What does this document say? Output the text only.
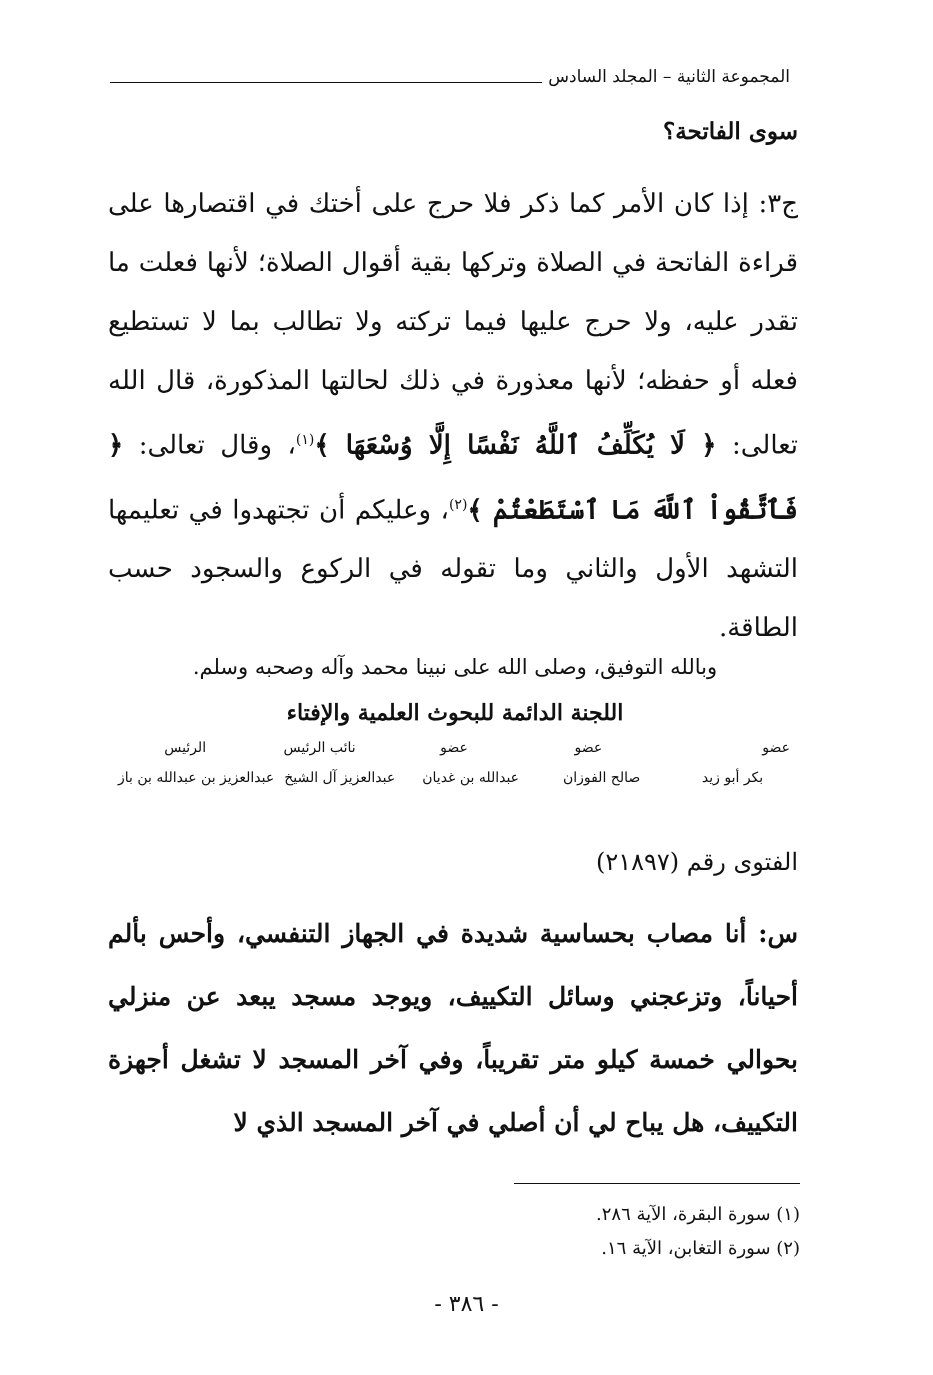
المجموعة الثانية – المجلد السادس
سوى الفاتحة؟
ج٣: إذا كان الأمر كما ذكر فلا حرج على أختك في اقتصارها على قراءة الفاتحة في الصلاة وتركها بقية أقوال الصلاة؛ لأنها فعلت ما تقدر عليه، ولا حرج عليها فيما تركته ولا تطالب بما لا تستطيع فعله أو حفظه؛ لأنها معذورة في ذلك لحالتها المذكورة، قال الله تعالى: ﴿ لَا يُكَلِّفُ ٱللَّهُ نَفْسًا إِلَّا وُسْعَهَا ﴾$^{(١)}$، وقال تعالى: ﴿ فَٱتَّقُواْ ٱللَّهَ مَا ٱسْتَطَعْتُمْ ﴾$^{(٢)}$، وعليكم أن تجتهدوا في تعليمها التشهد الأول والثاني وما تقوله في الركوع والسجود حسب الطاقة.
وبالله التوفيق، وصلى الله على نبينا محمد وآله وصحبه وسلم.
اللجنة الدائمة للبحوث العلمية والإفتاء
عضو
عضو
عضو
نائب الرئيس
الرئيس
بكر أبو زيد
صالح الفوزان
عبدالله بن غديان
عبدالعزيز آل الشيخ
عبدالعزيز بن عبدالله بن باز
الفتوى رقم (٢١٨٩٧)
س: أنا مصاب بحساسية شديدة في الجهاز التنفسي، وأحس بألم أحياناً، وتزعجني وسائل التكييف، ويوجد مسجد يبعد عن منزلي بحوالي خمسة كيلو متر تقريباً، وفي آخر المسجد لا تشغل أجهزة التكييف، هل يباح لي أن أصلي في آخر المسجد الذي لا
(١) سورة البقرة، الآية ٢٨٦.
(٢) سورة التغابن، الآية ١٦.
- ٣٨٦ -
